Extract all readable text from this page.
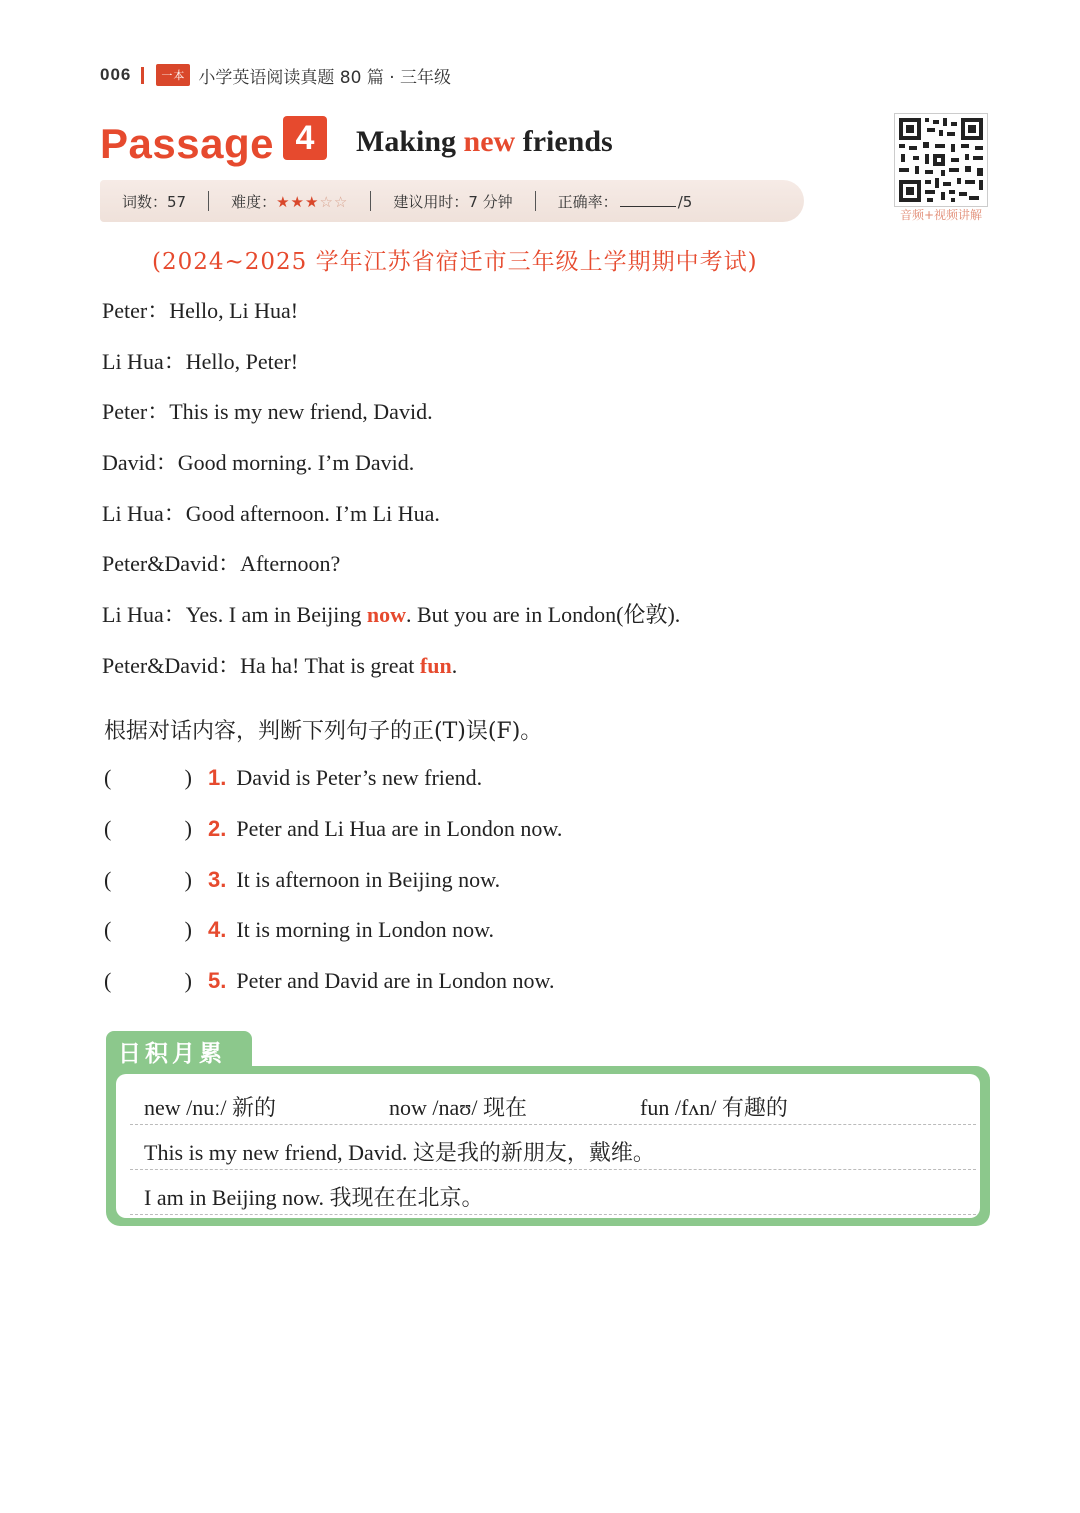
006	一本 小学英语阅读真题 80 篇 · 三年级
Passage 4	Making new friends
词数：57	难度：★★★☆☆	建议用时：7 分钟	正确率：	/5
音频+视频讲解
(2024~2025 学年江苏省宿迁市三年级上学期期中考试)
Peter：Hello, Li Hua!
Li Hua：Hello, Peter!
Peter：This is my new friend, David.
David：Good morning. I’m David.
Li Hua：Good afternoon. I’m Li Hua.
Peter&David：Afternoon?
Li Hua：Yes. I am in Beijing now. But you are in London(伦敦).
Peter&David：Ha ha! That is great fun.
根据对话内容，判断下列句子的正(T)误(F)。
(	) 1. David is Peter’s new friend.
(	) 2. Peter and Li Hua are in London now.
(	) 3. It is afternoon in Beijing now.
(	) 4. It is morning in London now.
(	) 5. Peter and David are in London now.
日积月累
new /nuː/ 新的	now /naʊ/ 现在	fun /fʌn/ 有趣的
This is my new friend, David. 这是我的新朋友，戴维。
I am in Beijing now. 我现在在北京。
